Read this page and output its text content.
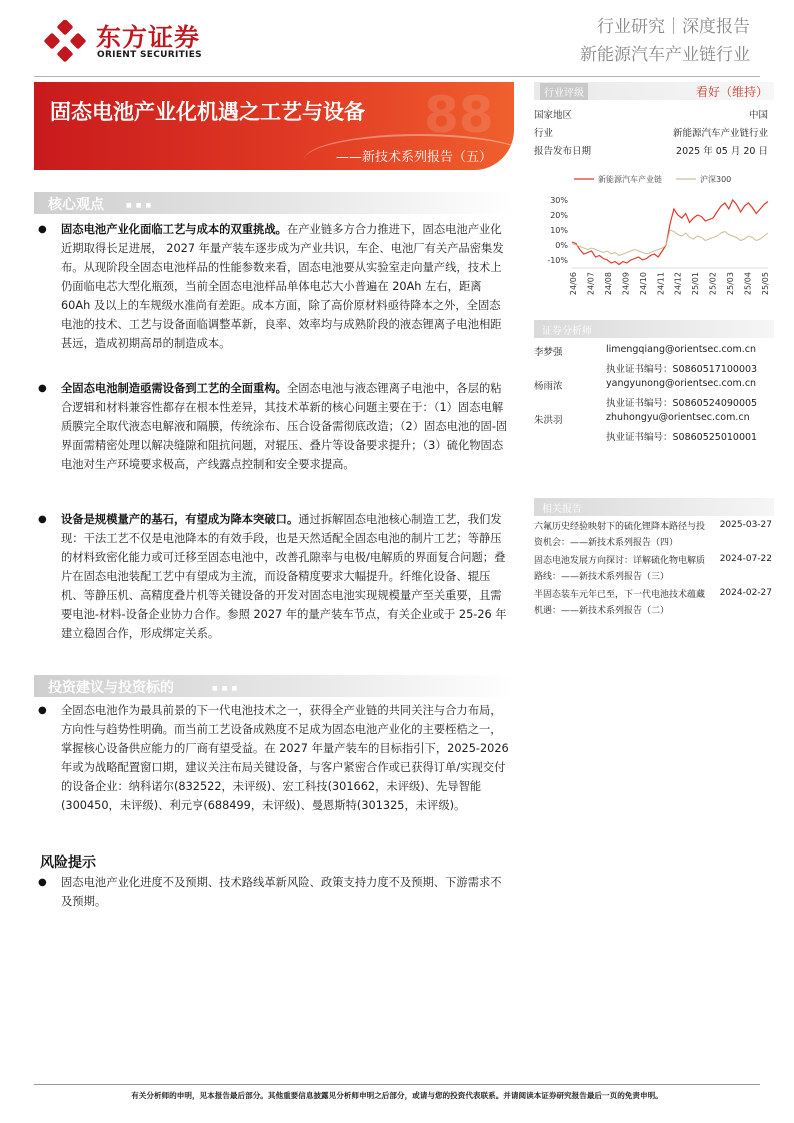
东方证券
ORIENT SECURITIES
行业研究｜深度报告
新能源汽车产业链行业
88
固态电池产业化机遇之工艺与设备
——新技术系列报告（五）
行业评级	看好（维持）
国家地区	中国
行业	新能源汽车产业链行业
报告发布日期	2025 年 05 月 20 日
新能源汽车产业链	沪深300
30%
20%
10%
0%
-10%
24/06 24/07 24/08 24/09 24/10 24/11 24/12 25/01 25/02 25/03 25/04 25/05
证券分析师
李梦强	limengqiang@orientsec.com.cn
执业证书编号：S0860517100003
杨雨浓	yangyunong@orientsec.com.cn
执业证书编号：S0860524090005
朱洪羽	zhuhongyu@orientsec.com.cn
执业证书编号：S0860525010001
相关报告
六氟历史经验映射下的硫化锂降本路径与投资机会：——新技术系列报告（四）
2025-03-27
固态电池发展方向探讨：详解硫化物电解质路线：——新技术系列报告（三）
2024-07-22
半固态装车元年已至，下一代电池技术蕴藏机遇：——新技术系列报告（二）
2024-02-27
核心观点	■ ■ ■
● 固态电池产业化面临工艺与成本的双重挑战。在产业链多方合力推进下，固态电池产业化近期取得长足进展， 2027 年量产装车逐步成为产业共识，车企、电池厂有关产品密集发布。从现阶段全固态电池样品的性能参数来看，固态电池要从实验室走向量产线，技术上仍面临电芯大型化瓶颈，当前全固态电池样品单体电芯大小普遍在 20Ah 左右，距离 60Ah 及以上的车规级水准尚有差距。成本方面，除了高价原材料亟待降本之外，全固态电池的技术、工艺与设备面临调整革新，良率、效率均与成熟阶段的液态锂离子电池相距甚远，造成初期高昂的制造成本。
● 全固态电池制造亟需设备到工艺的全面重构。全固态电池与液态锂离子电池中，各层的粘合逻辑和材料兼容性都存在根本性差异，其技术革新的核心问题主要在于：（1）固态电解质膜完全取代液态电解液和隔膜，传统涂布、压合设备需彻底改造；（2）固态电池的固-固界面需精密处理以解决缝隙和阻抗问题，对辊压、叠片等设备要求提升；（3）硫化物固态电池对生产环境要求极高，产线露点控制和安全要求提高。
● 设备是规模量产的基石，有望成为降本突破口。通过拆解固态电池核心制造工艺，我们发现：干法工艺不仅是电池降本的有效手段，也是天然适配全固态电池的制片工艺；等静压的材料致密化能力或可迁移至固态电池中，改善孔隙率与电极/电解质的界面复合问题；叠片在固态电池装配工艺中有望成为主流，而设备精度要求大幅提升。纤维化设备、辊压机、等静压机、高精度叠片机等关键设备的开发对固态电池实现规模量产至关重要，且需要电池-材料-设备企业协力合作。参照 2027 年的量产装车节点，有关企业或于 25-26 年建立稳固合作，形成绑定关系。
投资建议与投资标的	■ ■ ■
● 全固态电池作为最具前景的下一代电池技术之一，获得全产业链的共同关注与合力布局，方向性与趋势性明确。而当前工艺设备成熟度不足成为固态电池产业化的主要桎梏之一，掌握核心设备供应能力的厂商有望受益。在 2027 年量产装车的目标指引下，2025-2026 年或为战略配置窗口期，建议关注布局关键设备，与客户紧密合作或已获得订单/实现交付的设备企业：纳科诺尔(832522，未评级)、宏工科技(301662，未评级)、先导智能(300450，未评级)、利元亨(688499，未评级)、曼恩斯特(301325，未评级)。
风险提示
● 固态电池产业化进度不及预期、技术路线革新风险、政策支持力度不及预期、下游需求不及预期。
有关分析师的申明，见本报告最后部分。其他重要信息披露见分析师申明之后部分，或请与您的投资代表联系。并请阅读本证券研究报告最后一页的免责申明。
